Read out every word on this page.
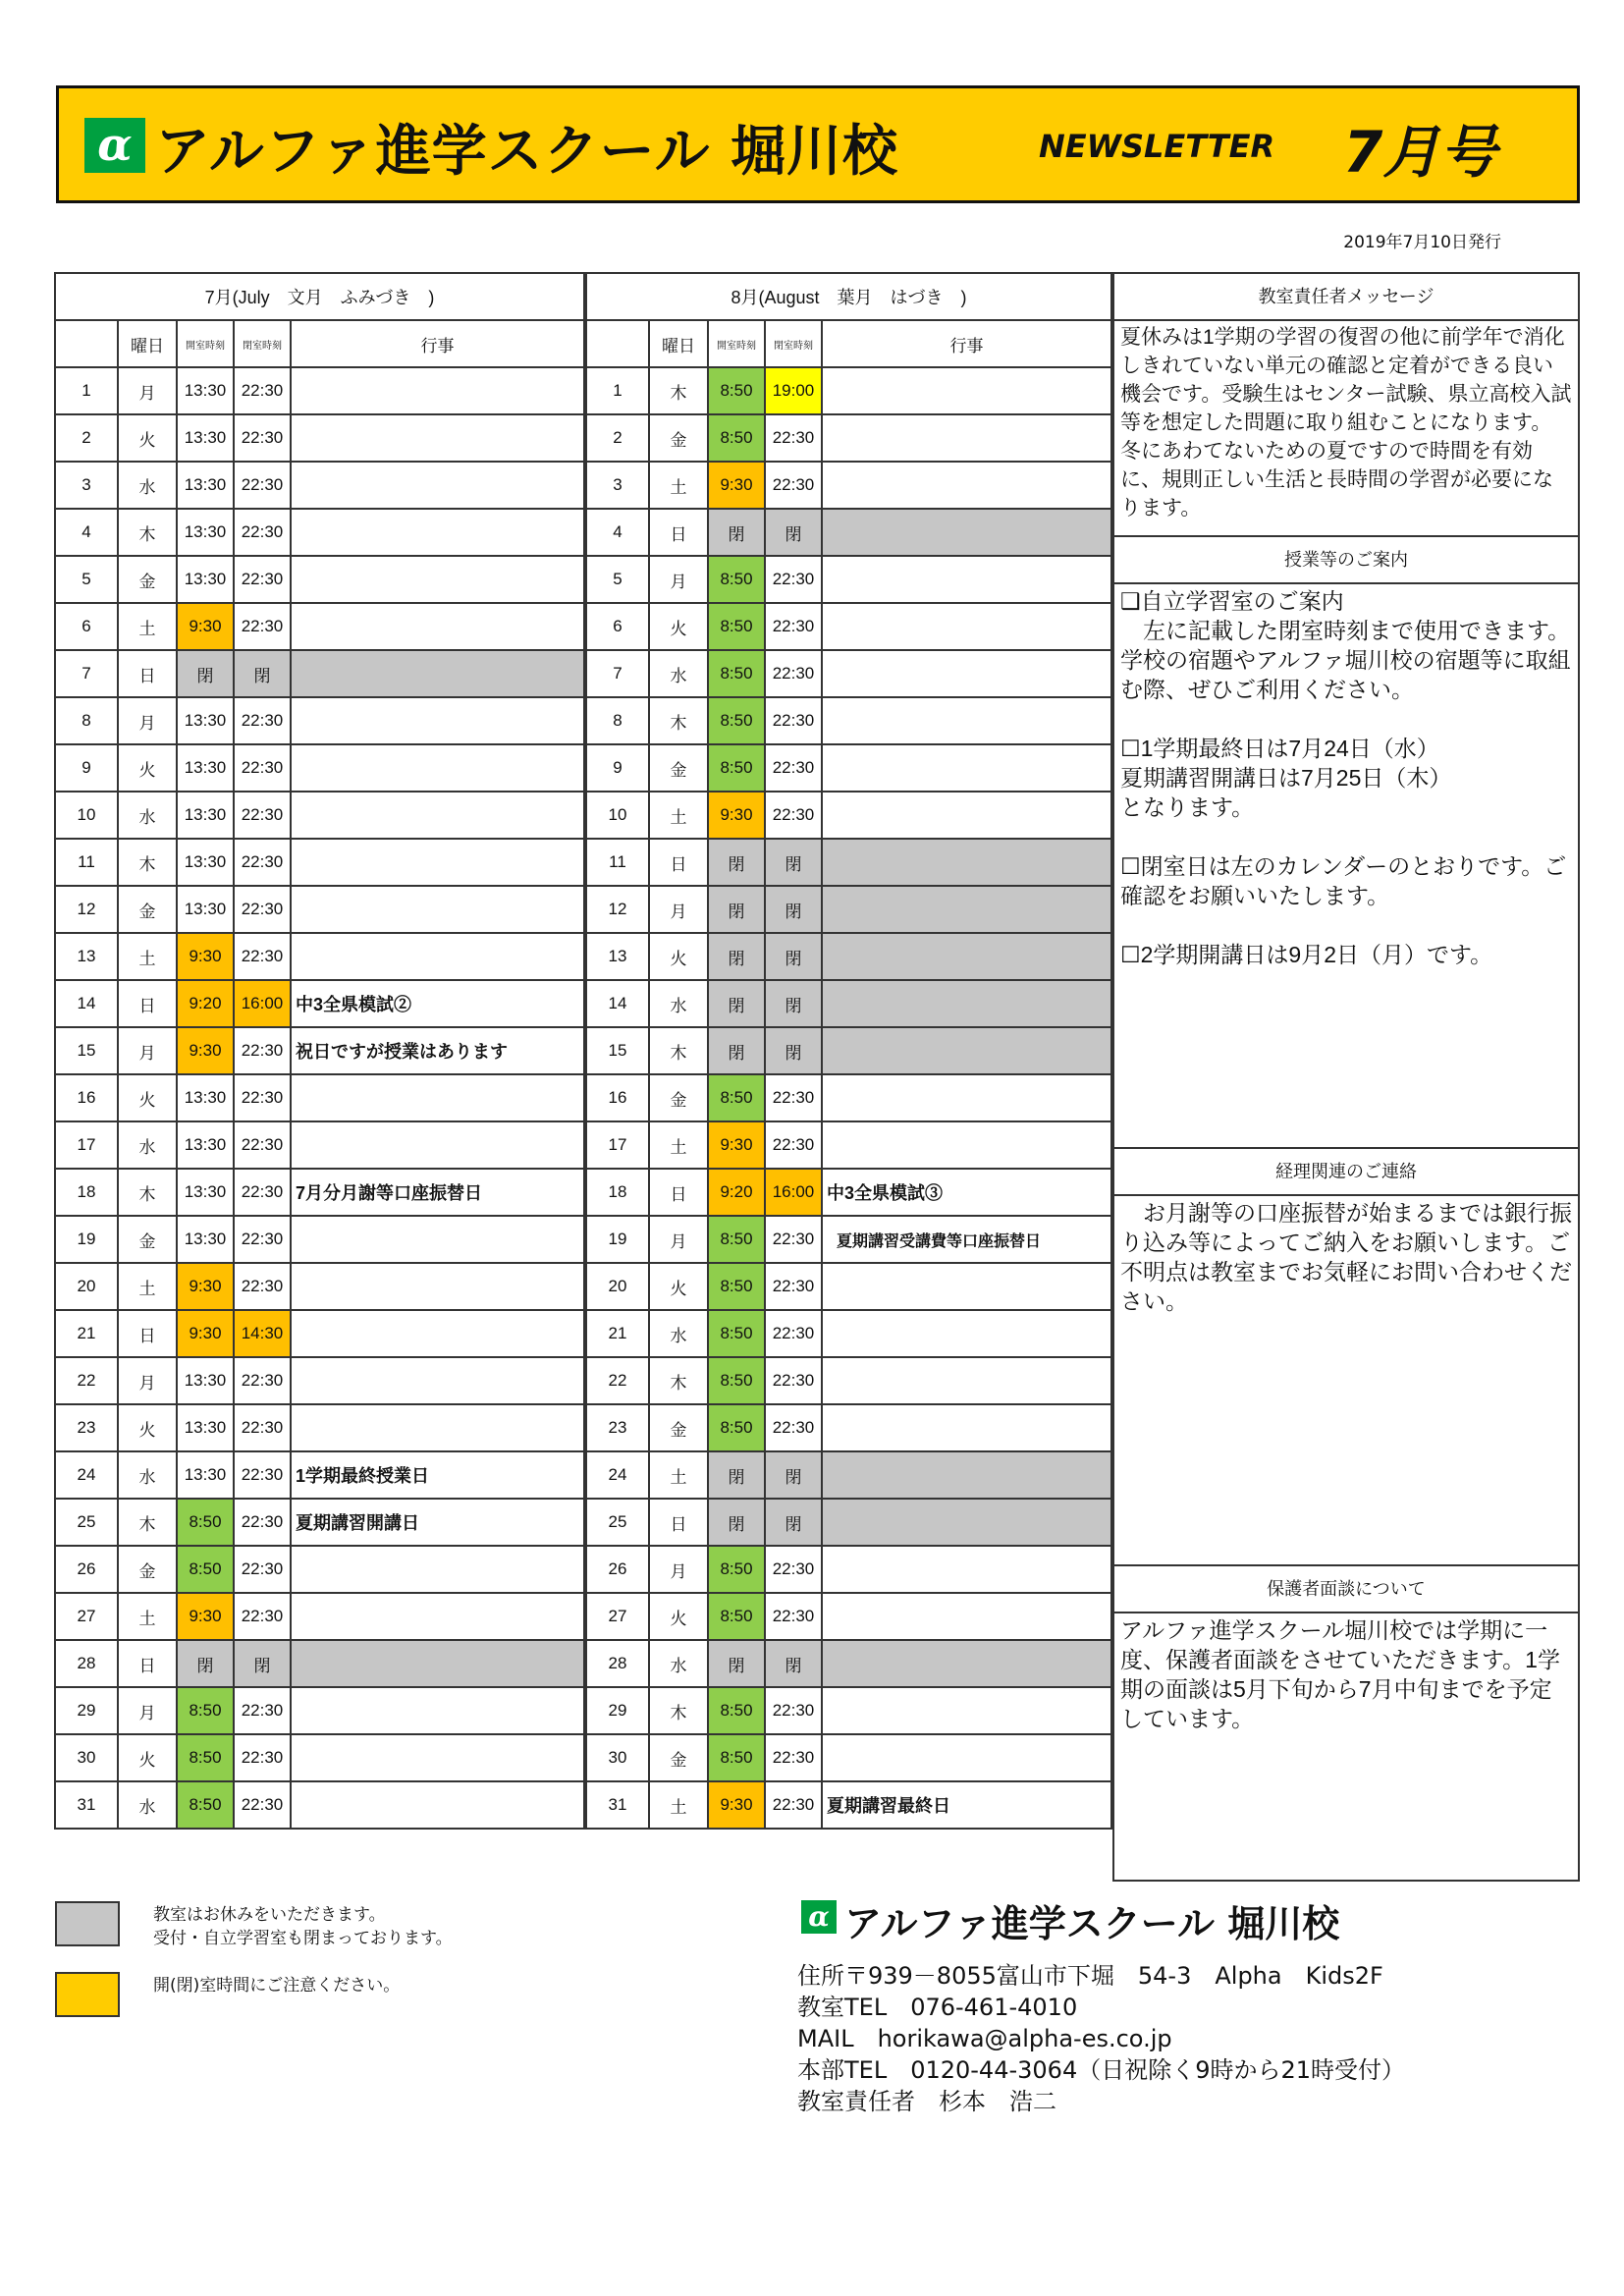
α アルファ進学スクール 堀川校	NEWSLETTER 7月号
2019年7月10日発行
7月(July　文月　ふみづき　)				
	曜日	開室時刻	閉室時刻	行事
1	月	13:30	22:30	
2	火	13:30	22:30	
3	水	13:30	22:30	
4	木	13:30	22:30	
5	金	13:30	22:30	
6	土	9:30	22:30	
7	日	閉	閉	
8	月	13:30	22:30	
9	火	13:30	22:30	
10	水	13:30	22:30	
11	木	13:30	22:30	
12	金	13:30	22:30	
13	土	9:30	22:30	
14	日	9:20	16:00	中3全県模試②
15	月	9:30	22:30	祝日ですが授業はあります
16	火	13:30	22:30	
17	水	13:30	22:30	
18	木	13:30	22:30	7月分月謝等口座振替日
19	金	13:30	22:30	
20	土	9:30	22:30	
21	日	9:30	14:30	
22	月	13:30	22:30	
23	火	13:30	22:30	
24	水	13:30	22:30	1学期最終授業日
25	木	8:50	22:30	夏期講習開講日
26	金	8:50	22:30	
27	土	9:30	22:30	
28	日	閉	閉	
29	月	8:50	22:30	
30	火	8:50	22:30	
31	水	8:50	22:30	
8月(August　葉月　はづき　)				
	曜日	開室時刻	閉室時刻	行事
1	木	8:50	19:00	
2	金	8:50	22:30	
3	土	9:30	22:30	
4	日	閉	閉	
5	月	8:50	22:30	
6	火	8:50	22:30	
7	水	8:50	22:30	
8	木	8:50	22:30	
9	金	8:50	22:30	
10	土	9:30	22:30	
11	日	閉	閉	
12	月	閉	閉	
13	火	閉	閉	
14	水	閉	閉	
15	木	閉	閉	
16	金	8:50	22:30	
17	土	9:30	22:30	
18	日	9:20	16:00	中3全県模試③
19	月	8:50	22:30	夏期講習受講費等口座振替日
20	火	8:50	22:30	
21	水	8:50	22:30	
22	木	8:50	22:30	
23	金	8:50	22:30	
24	土	閉	閉	
25	日	閉	閉	
26	月	8:50	22:30	
27	火	8:50	22:30	
28	水	閉	閉	
29	木	8:50	22:30	
30	金	8:50	22:30	
31	土	9:30	22:30	夏期講習最終日
教室責任者メッセージ
夏休みは1学期の学習の復習の他に前学年で消化しきれていない単元の確認と定着ができる良い機会です。受験生はセンター試験、県立高校入試等を想定した問題に取り組むことになります。冬にあわてないための夏ですので時間を有効に、規則正しい生活と長時間の学習が必要になります。
授業等のご案内
❑自立学習室のご案内
　左に記載した閉室時刻まで使用できます。学校の宿題やアルファ堀川校の宿題等に取組む際、ぜひご利用ください。

☐1学期最終日は7月24日（水）
夏期講習開講日は7月25日（木）
となります。

☐閉室日は左のカレンダーのとおりです。ご確認をお願いいたします。

☐2学期開講日は9月2日（月）です。
経理関連のご連絡
　お月謝等の口座振替が始まるまでは銀行振り込み等によってご納入をお願いします。ご不明点は教室までお気軽にお問い合わせください。
保護者面談について
アルファ進学スクール堀川校では学期に一度、保護者面談をさせていただきます。1学期の面談は5月下旬から7月中旬までを予定しています。
教室はお休みをいただきます。
受付・自立学習室も閉まっております。
開(閉)室時間にご注意ください。
α アルファ進学スクール 堀川校
住所〒939－8055富山市下堀　54-3　Alpha　Kids2F
教室TEL　076-461-4010
MAIL　horikawa@alpha-es.co.jp
本部TEL　0120-44-3064（日祝除く9時から21時受付）
教室責任者　杉本　浩二
